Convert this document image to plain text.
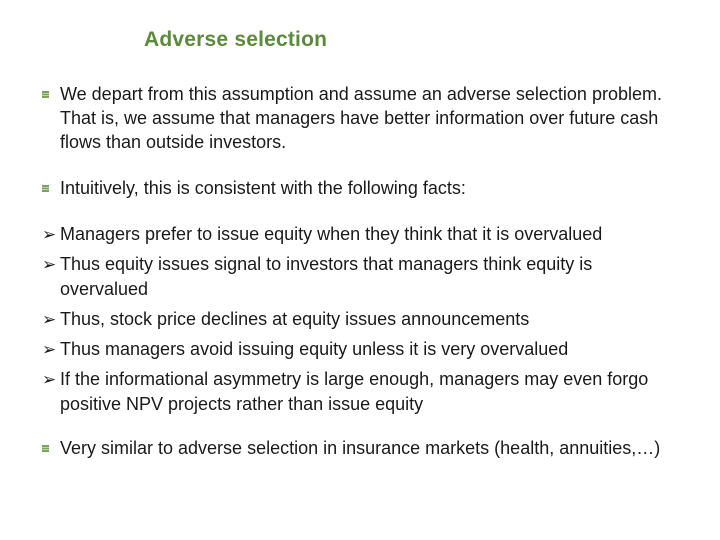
Adverse selection
We depart from this assumption and assume an adverse selection problem. That is, we assume that managers have better information over future cash flows than outside investors.
Intuitively, this is consistent with the following facts:
➢ Managers prefer to issue equity when they think that it is overvalued
➢ Thus equity issues signal to investors that managers think equity is overvalued
➢ Thus, stock price declines at equity issues announcements
➢ Thus managers avoid issuing equity unless it is very overvalued
➢ If the informational asymmetry is large enough, managers may even forgo positive NPV projects rather than issue equity
Very similar to adverse selection in insurance markets (health, annuities,…)
